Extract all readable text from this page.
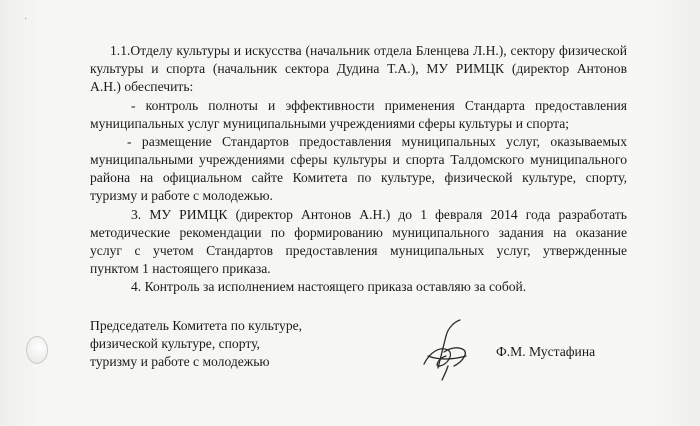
·
1.1.Отделу культуры и искусства (начальник отдела Бленцева Л.Н.), сектору физической
культуры и спорта (начальник сектора Дудина Т.А.), МУ РИМЦК (директор Антонов
А.Н.) обеспечить:
- контроль полноты и эффективности применения Стандарта предоставления
муниципальных услуг муниципальными учреждениями сферы культуры и спорта;
- размещение Стандартов предоставления муниципальных услуг, оказываемых
муниципальными учреждениями сферы культуры и спорта Талдомского муниципального
района на официальном сайте Комитета по культуре, физической культуре, спорту,
туризму и работе с молодежью.
3. МУ РИМЦК (директор Антонов А.Н.) до 1 февраля 2014 года разработать
методические рекомендации по формированию муниципального задания на оказание
услуг с учетом Стандартов предоставления муниципальных услуг, утвержденные
пунктом 1 настоящего приказа.
4. Контроль за исполнением настоящего приказа оставляю за собой.
Председатель Комитета по культуре,
физической культуре, спорту,
туризму и работе с молодежью
Ф.М. Мустафина
